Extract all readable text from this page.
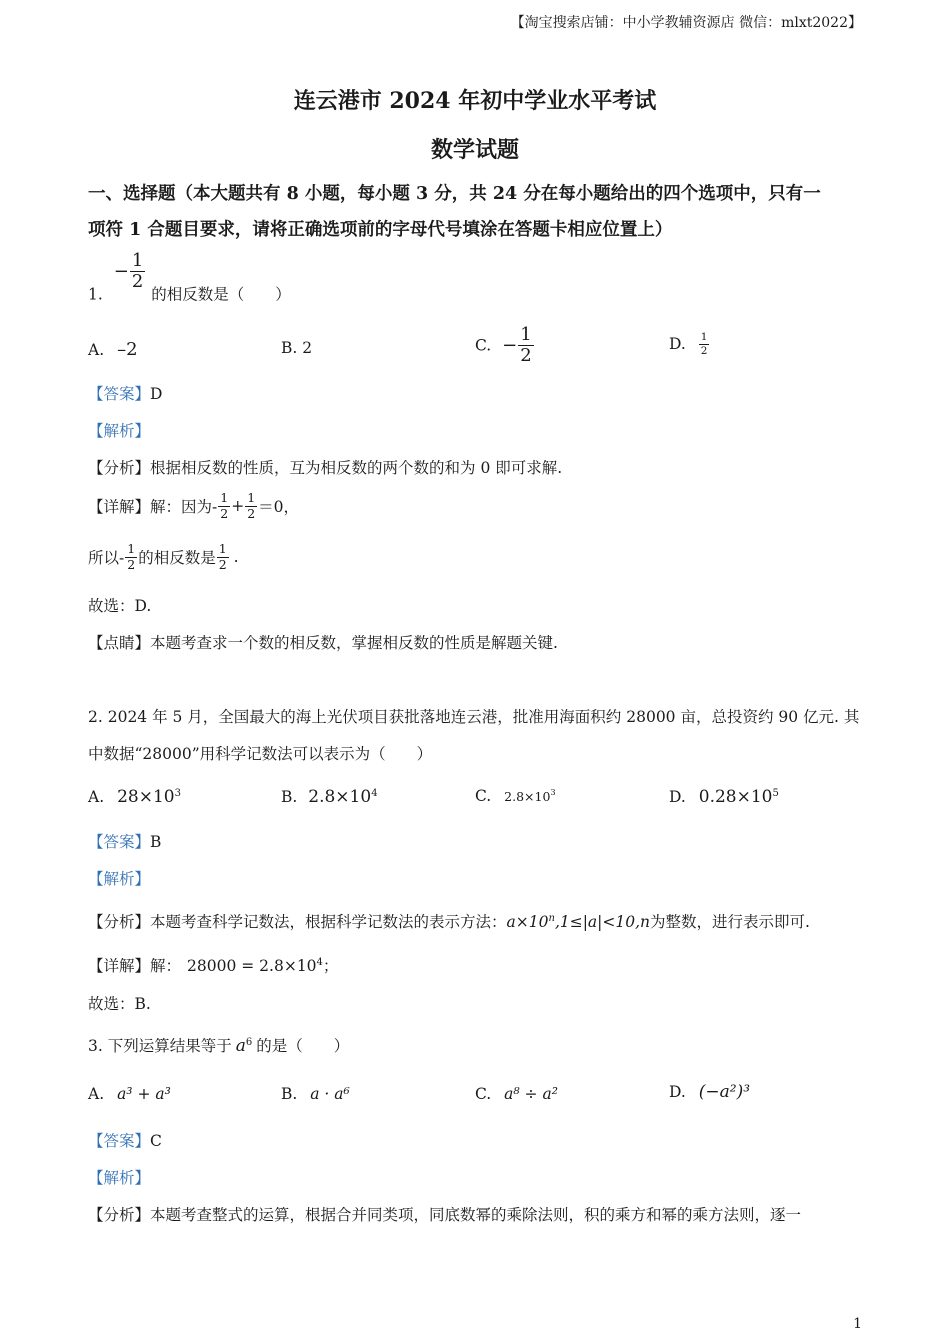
【淘宝搜索店铺：中小学教辅资源店 微信：mlxt2022】
连云港市 2024 年初中学业水平考试
数学试题
一、选择题（本大题共有 8 小题，每小题 3 分，共 24 分在每小题给出的四个选项中，只有一
项符 1 合题目要求，请将正确选项前的字母代号填涂在答题卡相应位置上）
1. − $\frac{1}{2}$
的相反数是（　　）
A. –2	B. 2	C. − $\frac{1}{2}$	D. $\frac{1}{2}$
【答案】D
【解析】
【分析】根据相反数的性质，互为相反数的两个数的和为 0 即可求解.
【详解】解：因为- $\frac{1}{2} + \frac{1}{2} =0$，
所以- $\frac{1}{2}$ 的相反数是 $\frac{1}{2}$ .
故选：D.
【点睛】本题考查求一个数的相反数，掌握相反数的性质是解题关键.
2. 2024 年 5 月，全国最大的海上光伏项目获批落地连云港，批准用海面积约 28000 亩，总投资约 90 亿元. 其
中数据“28000”用科学记数法可以表示为（　　）
A. $28\times 10^3$	B. $2.8\times 10^4$	C. $2.8\times 10^3$	D. $0.28\times 10^5$
【答案】B
【解析】
【分析】本题考查科学记数法，根据科学记数法的表示方法：$a\times 10^n,1\le|a|<10,n$为整数，进行表示即可.
【详解】解： $28000 = 2.8\times 10^4$；
故选：B.
3. 下列运算结果等于 $a^6$ 的是（　　）
A. a³ + a³	B. a · a⁶	C. a⁸ ÷ a²	D. (−a²)³
【答案】C
【解析】
【分析】本题考查整式的运算，根据合并同类项，同底数幂的乘除法则，积的乘方和幂的乘方法则，逐一
1
